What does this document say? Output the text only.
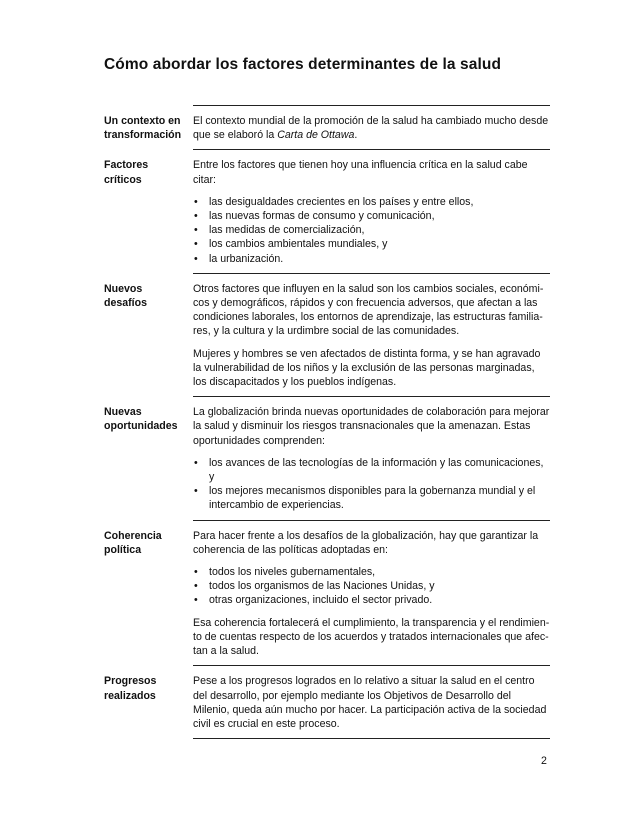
Cómo abordar los factores determinantes de la salud
Un contexto en
transformación

El contexto mundial de la promoción de la salud ha cambiado mucho desde que se elaboró la Carta de Ottawa.

Factores
críticos

Entre los factores que tienen hoy una influencia crítica en la salud cabe citar:

• las desigualdades crecientes en los países y entre ellos,
• las nuevas formas de consumo y comunicación,
• las medidas de comercialización,
• los cambios ambientales mundiales, y
• la urbanización.
Nuevos
desafíos

Otros factores que influyen en la salud son los cambios sociales, económi-cos y demográficos, rápidos y con frecuencia adversos, que afectan a las condiciones laborales, los entornos de aprendizaje, las estructuras familia-res, y la cultura y la urdimbre social de las comunidades.

Mujeres y hombres se ven afectados de distinta forma, y se han agravado la vulnerabilidad de los niños y la exclusión de las personas marginadas, los discapacitados y los pueblos indígenas.

Nuevas
oportunidades

La globalización brinda nuevas oportunidades de colaboración para mejorar la salud y disminuir los riesgos transnacionales que la amenazan. Estas oportunidades comprenden:

• los avances de las tecnologías de la información y las comunicaciones, y
• los mejores mecanismos disponibles para la gobernanza mundial y el intercambio de experiencias.
Coherencia
política

Para hacer frente a los desafíos de la globalización, hay que garantizar la coherencia de las políticas adoptadas en:

• todos los niveles gubernamentales,
• todos los organismos de las Naciones Unidas, y
• otras organizaciones, incluido el sector privado.

Esa coherencia fortalecerá el cumplimiento, la transparencia y el rendimien-to de cuentas respecto de los acuerdos y tratados internacionales que afec-tan a la salud.

Progresos
realizados

Pese a los progresos logrados en lo relativo a situar la salud en el centro del desarrollo, por ejemplo mediante los Objetivos de Desarrollo del Milenio, queda aún mucho por hacer. La participación activa de la sociedad civil es crucial en este proceso.

2
